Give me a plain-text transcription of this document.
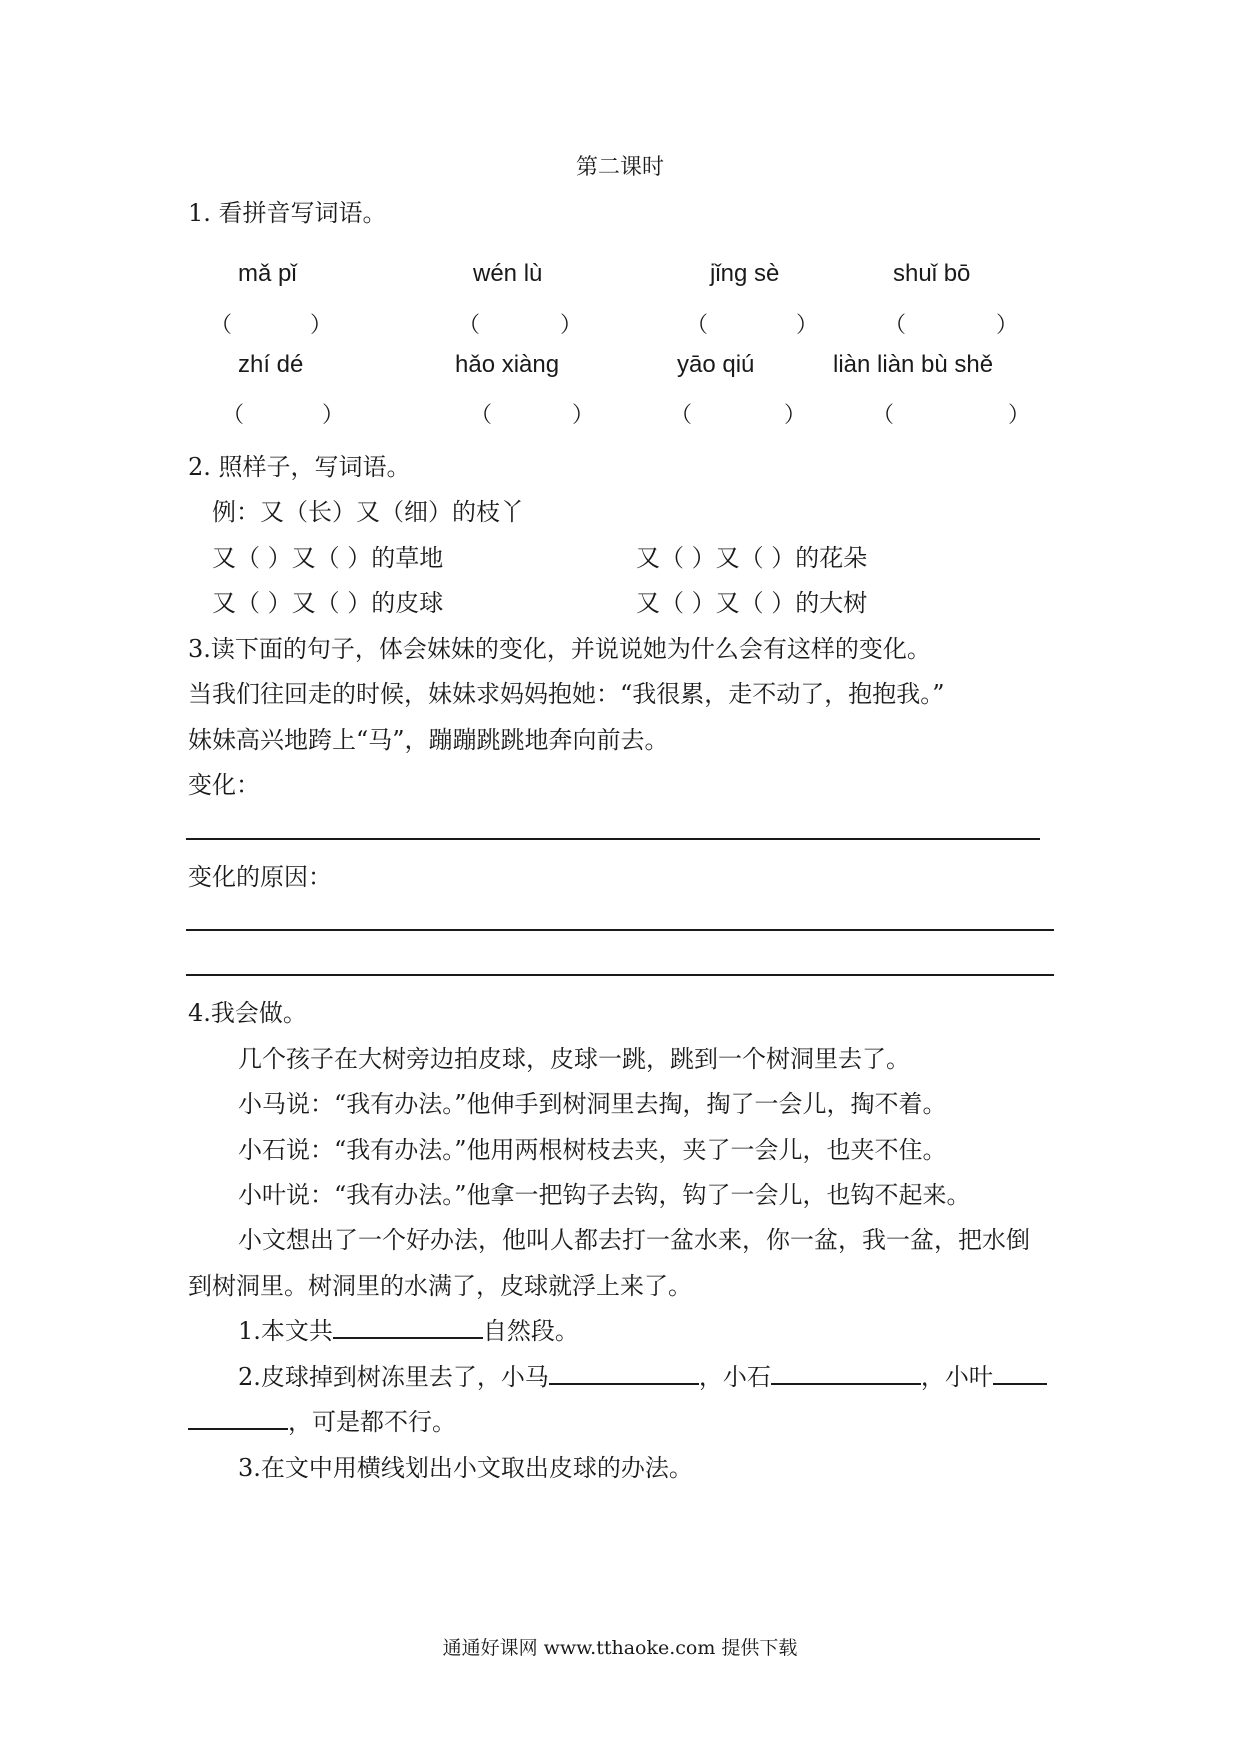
第二课时
1. 看拼音写词语。
mǎ pǐ	wén lù	jǐng sè	shuǐ bō
（	）	（	）	（	）	（	）
zhí dé	hǎo xiàng	yāo qiú	liàn liàn bù shě
（	）	（	）	（	）	（	）
2. 照样子，写词语。
例：又（长）又（细）的枝丫
又（ ）又（ ）的草地	又（ ）又（ ）的花朵
又（ ）又（ ）的皮球	又（ ）又（ ）的大树
3.读下面的句子，体会妹妹的变化，并说说她为什么会有这样的变化。
当我们往回走的时候，妹妹求妈妈抱她：“我很累，走不动了，抱抱我。”
妹妹高兴地跨上“马”，蹦蹦跳跳地奔向前去。
变化：
变化的原因：
4.我会做。
几个孩子在大树旁边拍皮球，皮球一跳，跳到一个树洞里去了。
小马说：“我有办法。”他伸手到树洞里去掏，掏了一会儿，掏不着。
小石说：“我有办法。”他用两根树枝去夹，夹了一会儿，也夹不住。
小叶说：“我有办法。”他拿一把钩子去钩，钩了一会儿，也钩不起来。
小文想出了一个好办法，他叫人都去打一盆水来，你一盆，我一盆，把水倒
到树洞里。树洞里的水满了，皮球就浮上来了。
1.本文共	自然段。
2.皮球掉到树冻里去了，小马	，小石	，小叶
，可是都不行。
3.在文中用横线划出小文取出皮球的办法。
通通好课网 www.tthaoke.com 提供下载
